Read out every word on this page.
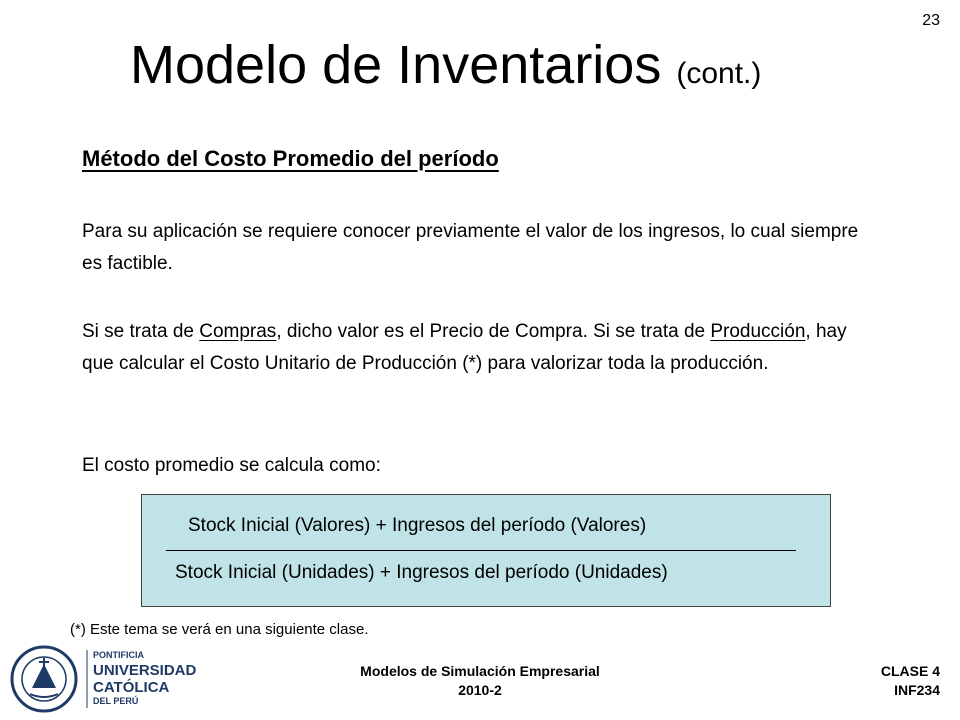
23
Modelo de Inventarios (cont.)
Método del Costo Promedio del período
Para su aplicación se requiere conocer previamente el valor de los ingresos, lo cual siempre es factible.
Si se trata de Compras, dicho valor es el Precio de Compra. Si se trata de Producción, hay que calcular el Costo Unitario de Producción (*) para valorizar toda la producción.
El costo promedio se calcula como:
Stock Inicial (Valores) + Ingresos del período (Valores)
Stock Inicial (Unidades) + Ingresos del período (Unidades)
(*) Este tema se verá en una siguiente clase.
PONTIFICIA
UNIVERSIDAD
CATÓLICA
DEL PERÚ
Modelos de Simulación Empresarial
2010-2
CLASE 4
INF234
